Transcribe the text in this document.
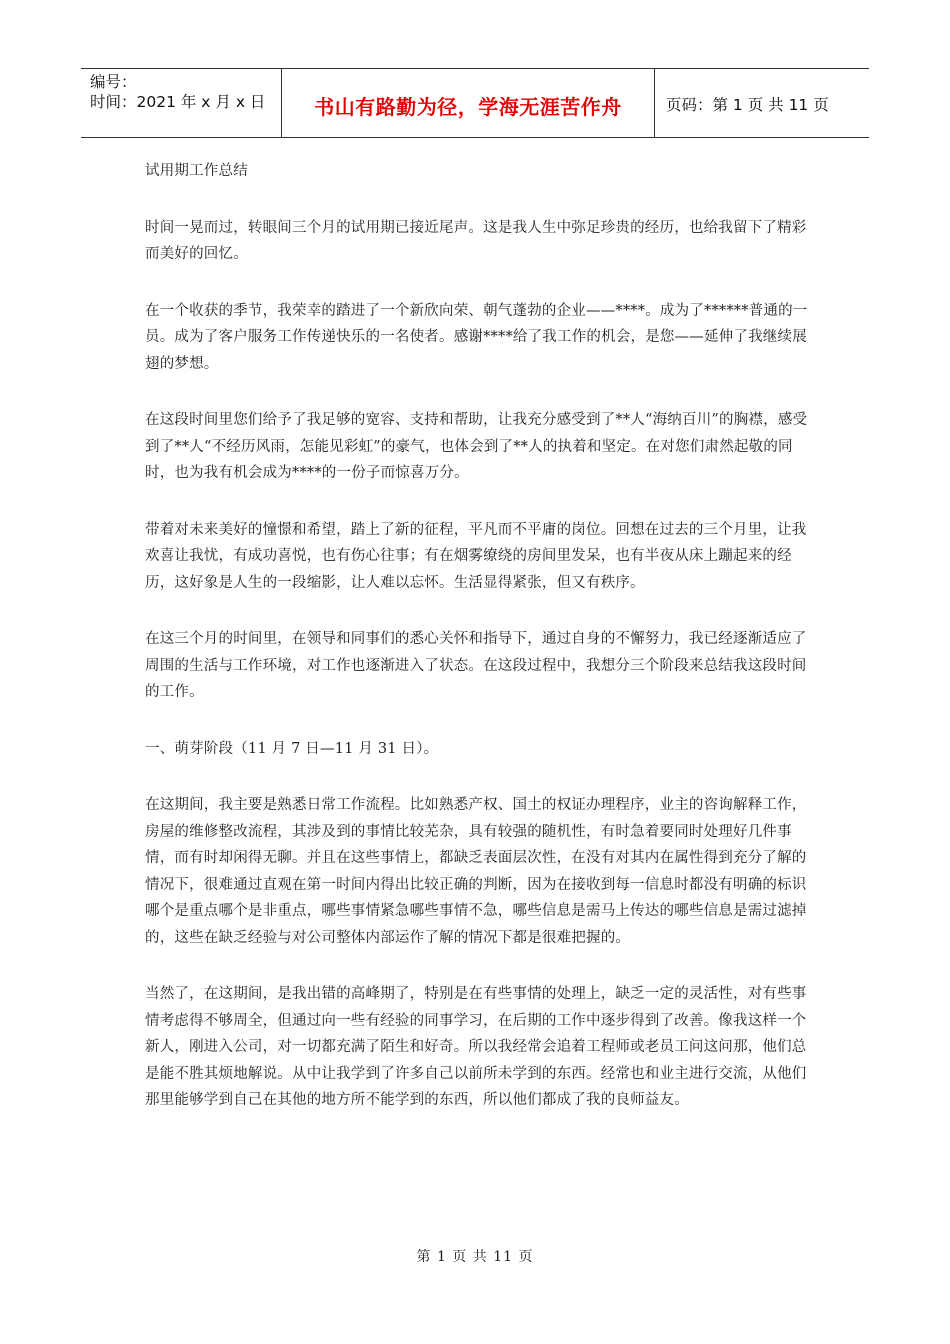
编号：
时间：2021 年 x 月 x 日	书山有路勤为径，学海无涯苦作舟	页码：第 1 页 共 11 页

试用期工作总结

时间一晃而过，转眼间三个月的试用期已接近尾声。这是我人生中弥足珍贵的经历，也给我留下了精彩而美好的回忆。

在一个收获的季节，我荣幸的踏进了一个新欣向荣、朝气蓬勃的企业——****。成为了******普通的一员。成为了客户服务工作传递快乐的一名使者。感谢****给了我工作的机会，是您——延伸了我继续展翅的梦想。

在这段时间里您们给予了我足够的宽容、支持和帮助，让我充分感受到了**人“海纳百川”的胸襟，感受到了**人“不经历风雨，怎能见彩虹”的豪气，也体会到了**人的执着和坚定。在对您们肃然起敬的同时，也为我有机会成为****的一份子而惊喜万分。

带着对未来美好的憧憬和希望，踏上了新的征程，平凡而不平庸的岗位。回想在过去的三个月里，让我欢喜让我忧，有成功喜悦，也有伤心往事；有在烟雾缭绕的房间里发呆，也有半夜从床上蹦起来的经历，这好象是人生的一段缩影，让人难以忘怀。生活显得紧张，但又有秩序。

在这三个月的时间里，在领导和同事们的悉心关怀和指导下，通过自身的不懈努力，我已经逐渐适应了周围的生活与工作环境，对工作也逐渐进入了状态。在这段过程中，我想分三个阶段来总结我这段时间的工作。

一、萌芽阶段（11 月 7 日—11 月 31 日）。

在这期间，我主要是熟悉日常工作流程。比如熟悉产权、国土的权证办理程序，业主的咨询解释工作，房屋的维修整改流程，其涉及到的事情比较芜杂，具有较强的随机性，有时急着要同时处理好几件事情，而有时却闲得无聊。并且在这些事情上，都缺乏表面层次性，在没有对其内在属性得到充分了解的情况下，很难通过直观在第一时间内得出比较正确的判断，因为在接收到每一信息时都没有明确的标识哪个是重点哪个是非重点，哪些事情紧急哪些事情不急，哪些信息是需马上传达的哪些信息是需过滤掉的，这些在缺乏经验与对公司整体内部运作了解的情况下都是很难把握的。

当然了，在这期间，是我出错的高峰期了，特别是在有些事情的处理上，缺乏一定的灵活性，对有些事情考虑得不够周全，但通过向一些有经验的同事学习，在后期的工作中逐步得到了改善。像我这样一个新人，刚进入公司，对一切都充满了陌生和好奇。所以我经常会追着工程师或老员工问这问那，他们总是能不胜其烦地解说。从中让我学到了许多自己以前所未学到的东西。经常也和业主进行交流，从他们那里能够学到自己在其他的地方所不能学到的东西，所以他们都成了我的良师益友。

第 1 页 共 11 页
